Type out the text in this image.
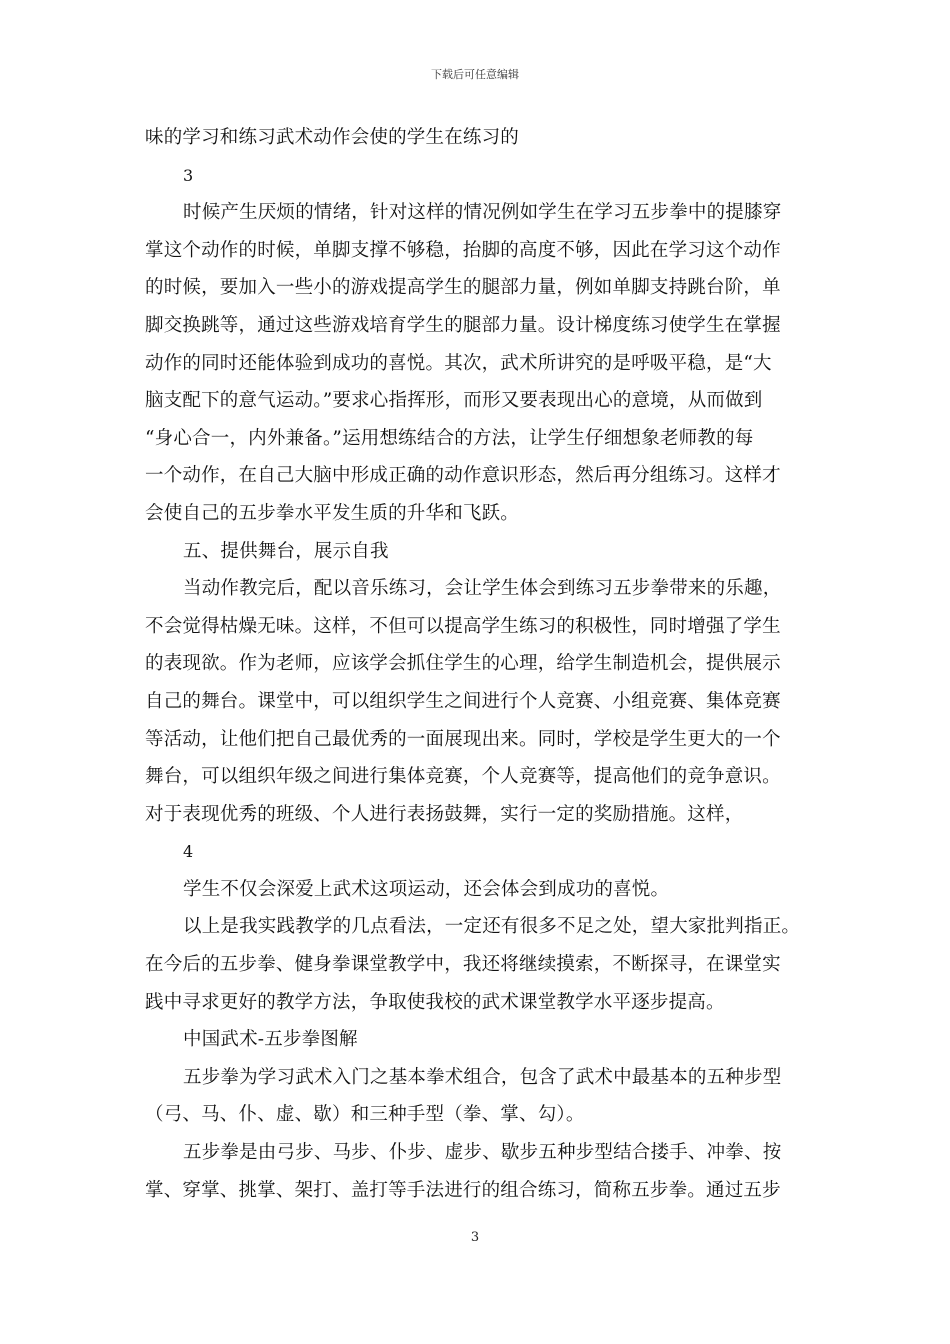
下载后可任意编辑
味的学习和练习武术动作会使的学生在练习的
3
时候产生厌烦的情绪，针对这样的情况例如学生在学习五步拳中的提膝穿
掌这个动作的时候，单脚支撑不够稳，抬脚的高度不够，因此在学习这个动作
的时候，要加入一些小的游戏提高学生的腿部力量，例如单脚支持跳台阶，单
脚交换跳等，通过这些游戏培育学生的腿部力量。设计梯度练习使学生在掌握
动作的同时还能体验到成功的喜悦。其次，武术所讲究的是呼吸平稳，是“大
脑支配下的意气运动。”要求心指挥形，而形又要表现出心的意境，从而做到
“身心合一，内外兼备。”运用想练结合的方法，让学生仔细想象老师教的每
一个动作，在自己大脑中形成正确的动作意识形态，然后再分组练习。这样才
会使自己的五步拳水平发生质的升华和飞跃。
五、提供舞台，展示自我
当动作教完后，配以音乐练习，会让学生体会到练习五步拳带来的乐趣，
不会觉得枯燥无味。这样，不但可以提高学生练习的积极性，同时增强了学生
的表现欲。作为老师，应该学会抓住学生的心理，给学生制造机会，提供展示
自己的舞台。课堂中，可以组织学生之间进行个人竞赛、小组竞赛、集体竞赛
等活动，让他们把自己最优秀的一面展现出来。同时，学校是学生更大的一个
舞台，可以组织年级之间进行集体竞赛，个人竞赛等，提高他们的竞争意识。
对于表现优秀的班级、个人进行表扬鼓舞，实行一定的奖励措施。这样，
4
学生不仅会深爱上武术这项运动，还会体会到成功的喜悦。
以上是我实践教学的几点看法，一定还有很多不足之处，望大家批判指正。
在今后的五步拳、健身拳课堂教学中，我还将继续摸索，不断探寻，在课堂实
践中寻求更好的教学方法，争取使我校的武术课堂教学水平逐步提高。
中国武术-五步拳图解
五步拳为学习武术入门之基本拳术组合，包含了武术中最基本的五种步型
（弓、马、仆、虚、歇）和三种手型（拳、掌、勾）。
五步拳是由弓步、马步、仆步、虚步、歇步五种步型结合搂手、冲拳、按
掌、穿掌、挑掌、架打、盖打等手法进行的组合练习，简称五步拳。通过五步
3
